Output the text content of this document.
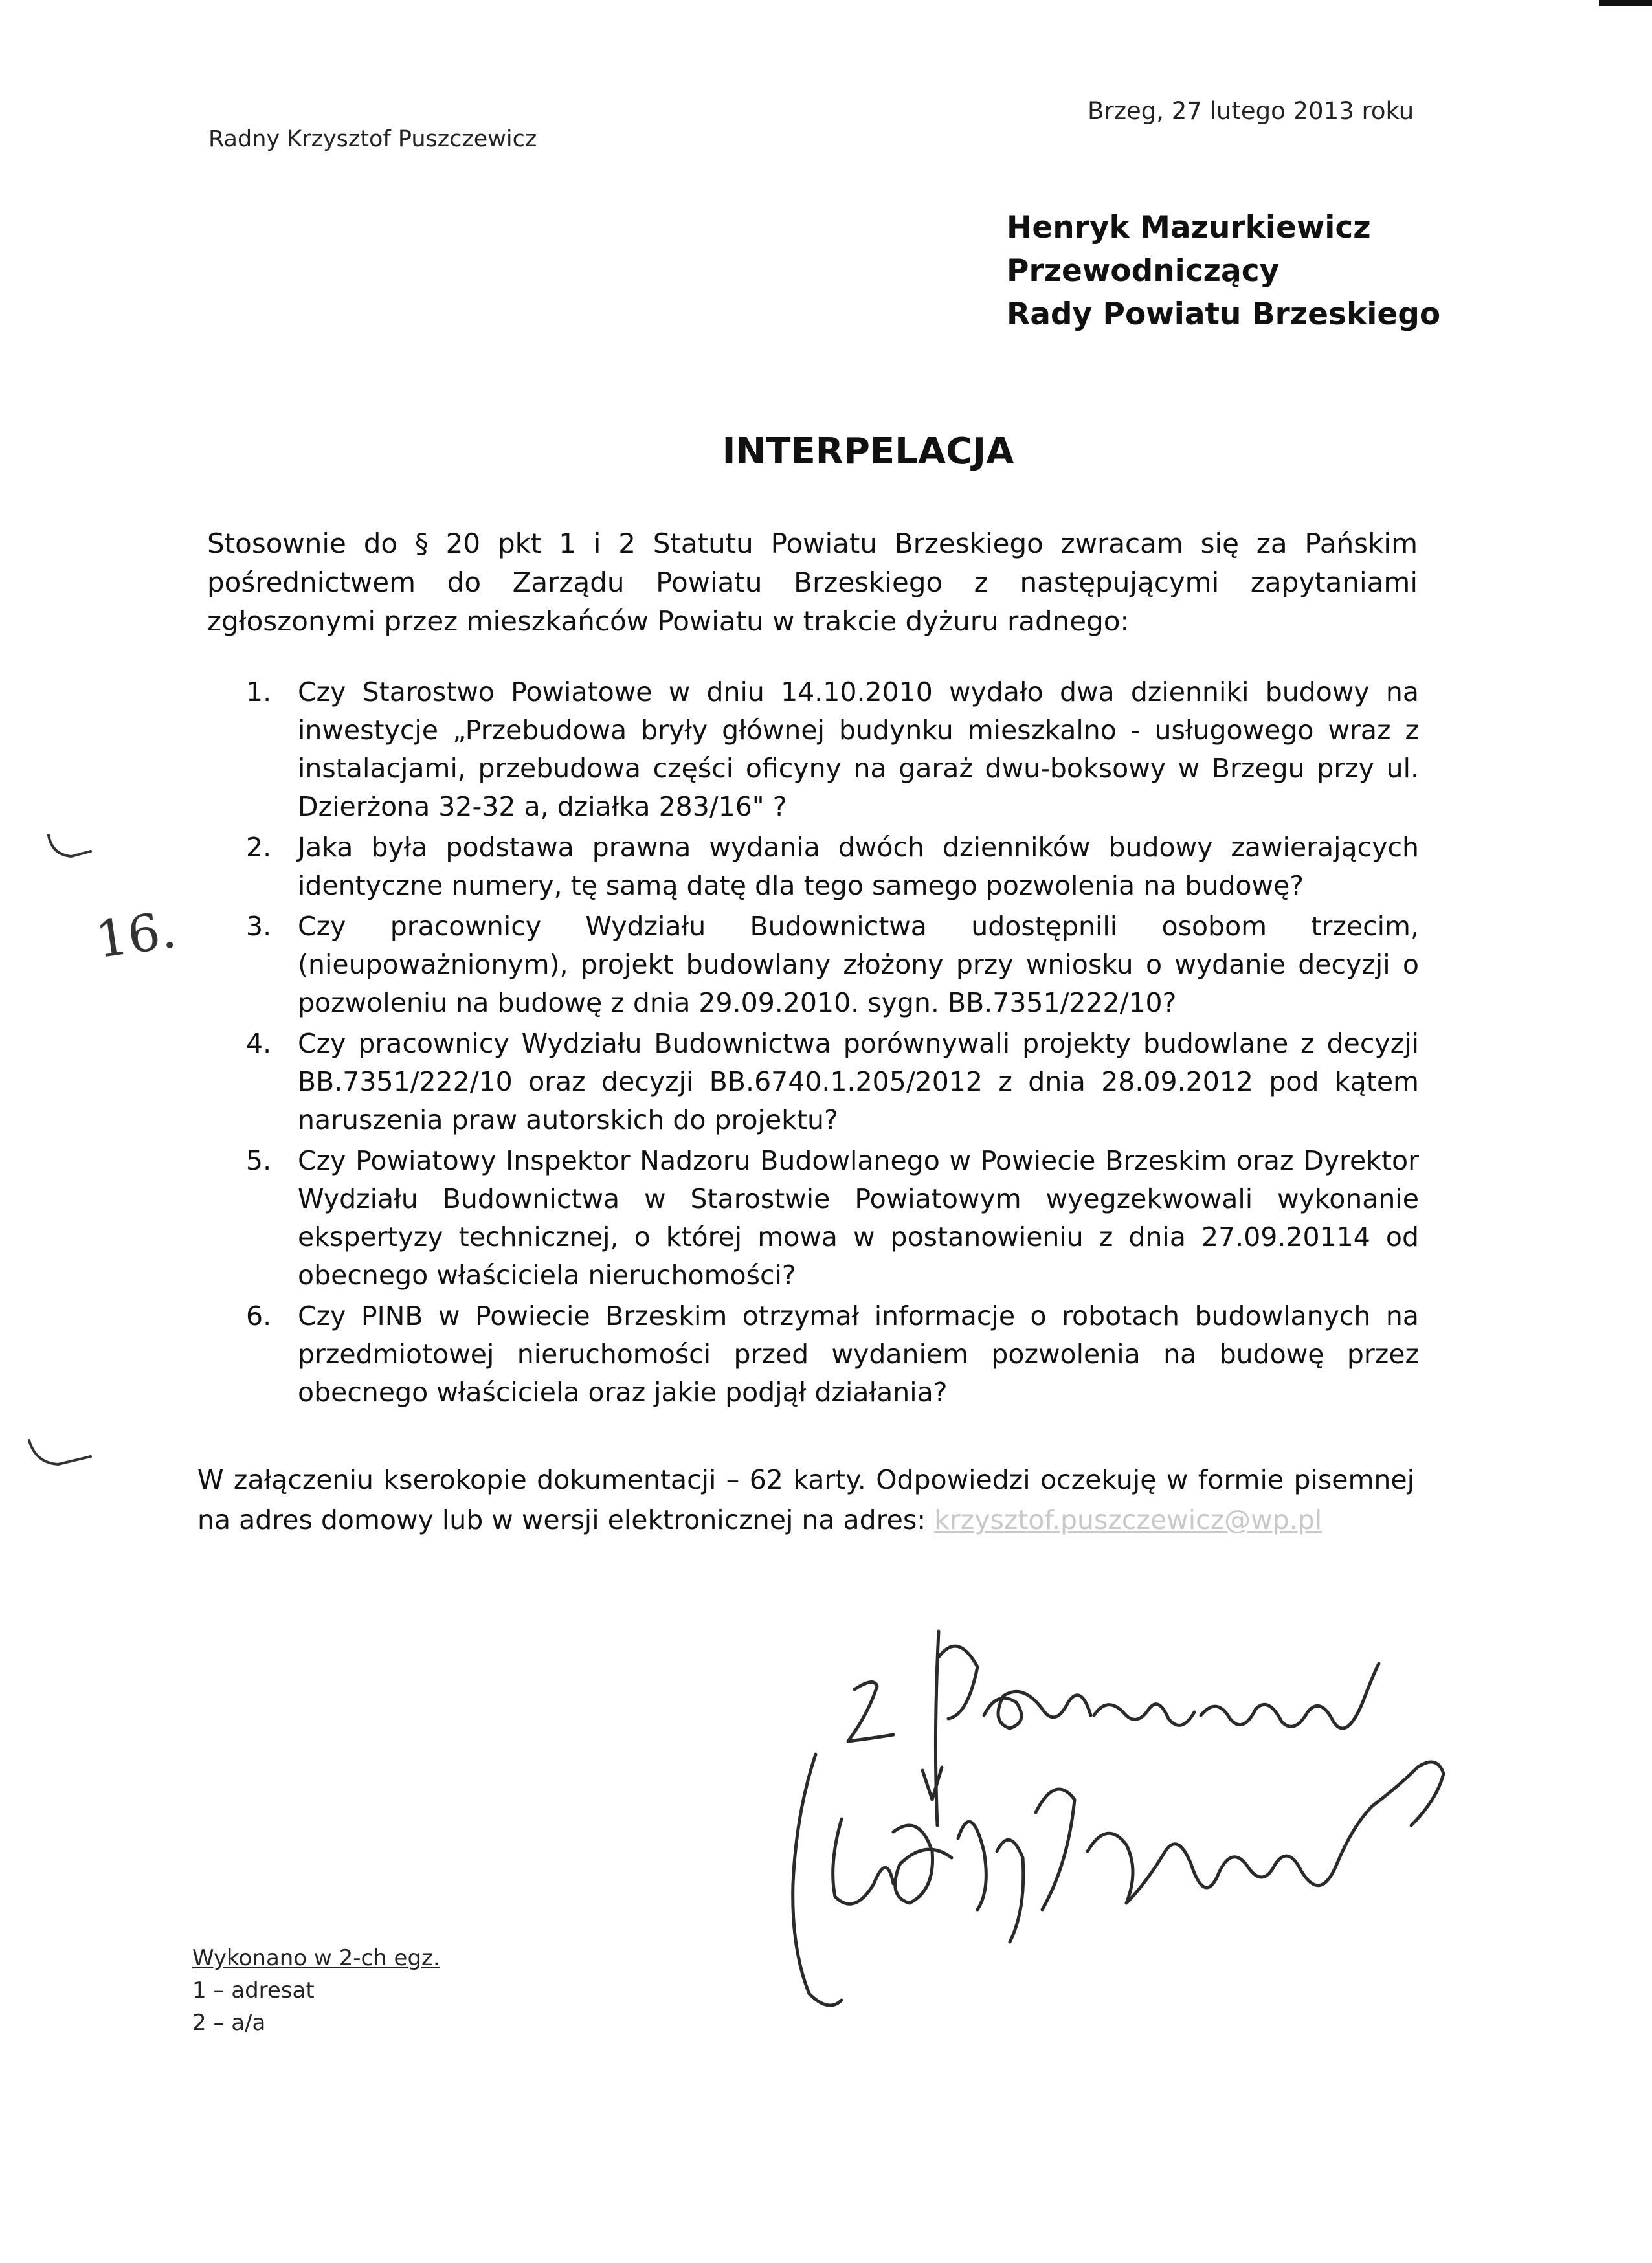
Brzeg, 27 lutego 2013 roku

Radny Krzysztof Puszczewicz

Henryk Mazurkiewicz
Przewodniczący
Rady Powiatu Brzeskiego
INTERPELACJA

Stosownie do § 20 pkt 1 i 2 Statutu Powiatu Brzeskiego zwracam się za Pańskim pośrednictwem do Zarządu Powiatu Brzeskiego z następującymi zapytaniami zgłoszonymi przez mieszkańców Powiatu w trakcie dyżuru radnego:

1. Czy Starostwo Powiatowe w dniu 14.10.2010 wydało dwa dzienniki budowy na inwestycje „Przebudowa bryły głównej budynku mieszkalno - usługowego wraz z instalacjami, przebudowa części oficyny na garaż dwu-boksowy w Brzegu przy ul. Dzierżona 32-32 a, działka 283/16" ?
2. Jaka była podstawa prawna wydania dwóch dzienników budowy zawierających identyczne numery, tę samą datę dla tego samego pozwolenia na budowę?
3. Czy pracownicy Wydziału Budownictwa udostępnili osobom trzecim, (nieupoważnionym), projekt budowlany złożony przy wniosku o wydanie decyzji o pozwoleniu na budowę z dnia 29.09.2010. sygn. BB.7351/222/10?
4. Czy pracownicy Wydziału Budownictwa porównywali projekty budowlane z decyzji BB.7351/222/10 oraz decyzji BB.6740.1.205/2012 z dnia 28.09.2012 pod kątem naruszenia praw autorskich do projektu?
5. Czy Powiatowy Inspektor Nadzoru Budowlanego w Powiecie Brzeskim oraz Dyrektor Wydziału Budownictwa w Starostwie Powiatowym wyegzekwowali wykonanie ekspertyzy technicznej, o której mowa w postanowieniu z dnia 27.09.20114 od obecnego właściciela nieruchomości?
6. Czy PINB w Powiecie Brzeskim otrzymał informacje o robotach budowlanych na przedmiotowej nieruchomości przed wydaniem pozwolenia na budowę przez obecnego właściciela oraz jakie podjął działania?

W załączeniu kserokopie dokumentacji – 62 karty. Odpowiedzi oczekuję w formie pisemnej na adres domowy lub w wersji elektronicznej na adres: krzysztof.puszczewicz@wp.pl

16.
Wykonano w 2-ch egz.
1 – adresat
2 – a/a
